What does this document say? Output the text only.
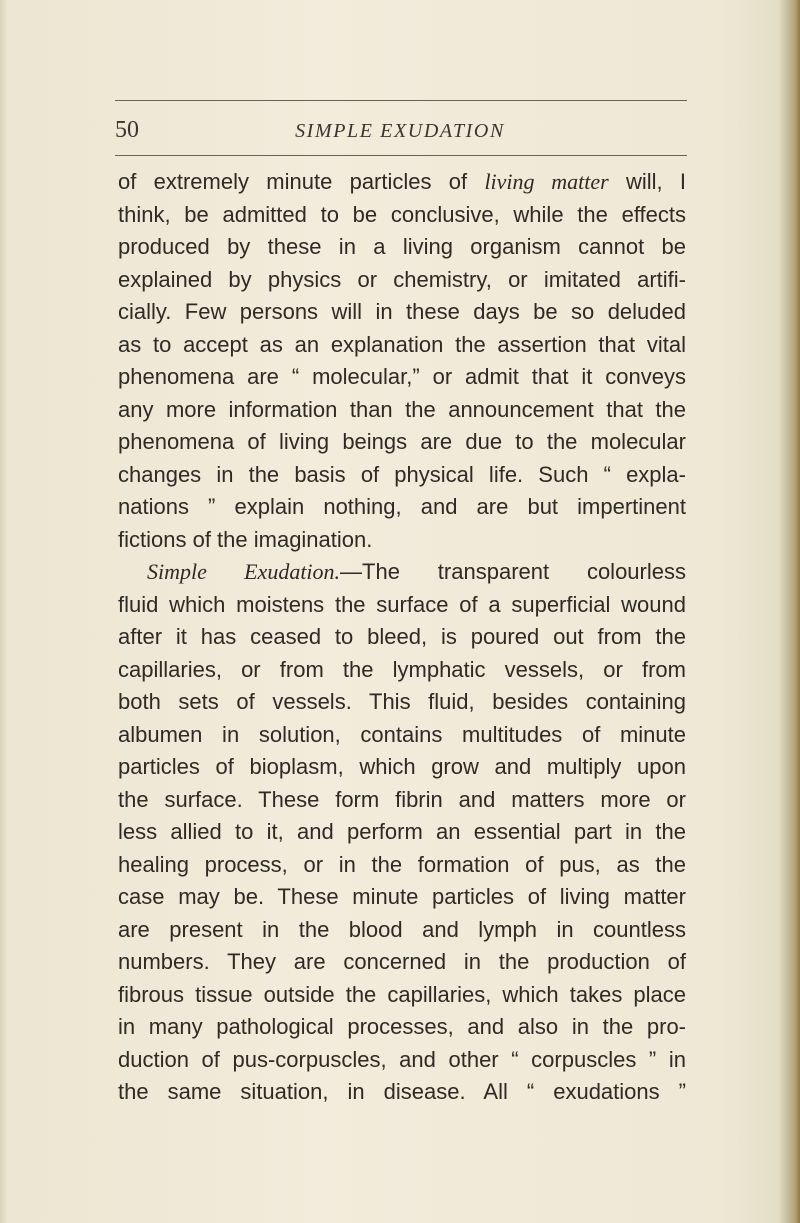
50	SIMPLE EXUDATION
of extremely minute particles of living matter will, I
think, be admitted to be conclusive, while the effects
produced by these in a living organism cannot be
explained by physics or chemistry, or imitated artifi-
cially. Few persons will in these days be so deluded
as to accept as an explanation the assertion that vital
phenomena are “ molecular,” or admit that it conveys
any more information than the announcement that the
phenomena of living beings are due to the molecular
changes in the basis of physical life. Such “ expla-
nations ” explain nothing, and are but impertinent
fictions of the imagination.
Simple Exudation.—The transparent colourless
fluid which moistens the surface of a superficial wound
after it has ceased to bleed, is poured out from the
capillaries, or from the lymphatic vessels, or from
both sets of vessels. This fluid, besides containing
albumen in solution, contains multitudes of minute
particles of bioplasm, which grow and multiply upon
the surface. These form fibrin and matters more or
less allied to it, and perform an essential part in the
healing process, or in the formation of pus, as the
case may be. These minute particles of living matter
are present in the blood and lymph in countless
numbers. They are concerned in the production of
fibrous tissue outside the capillaries, which takes place
in many pathological processes, and also in the pro-
duction of pus-corpuscles, and other “ corpuscles ” in
the same situation, in disease. All “ exudations ”
